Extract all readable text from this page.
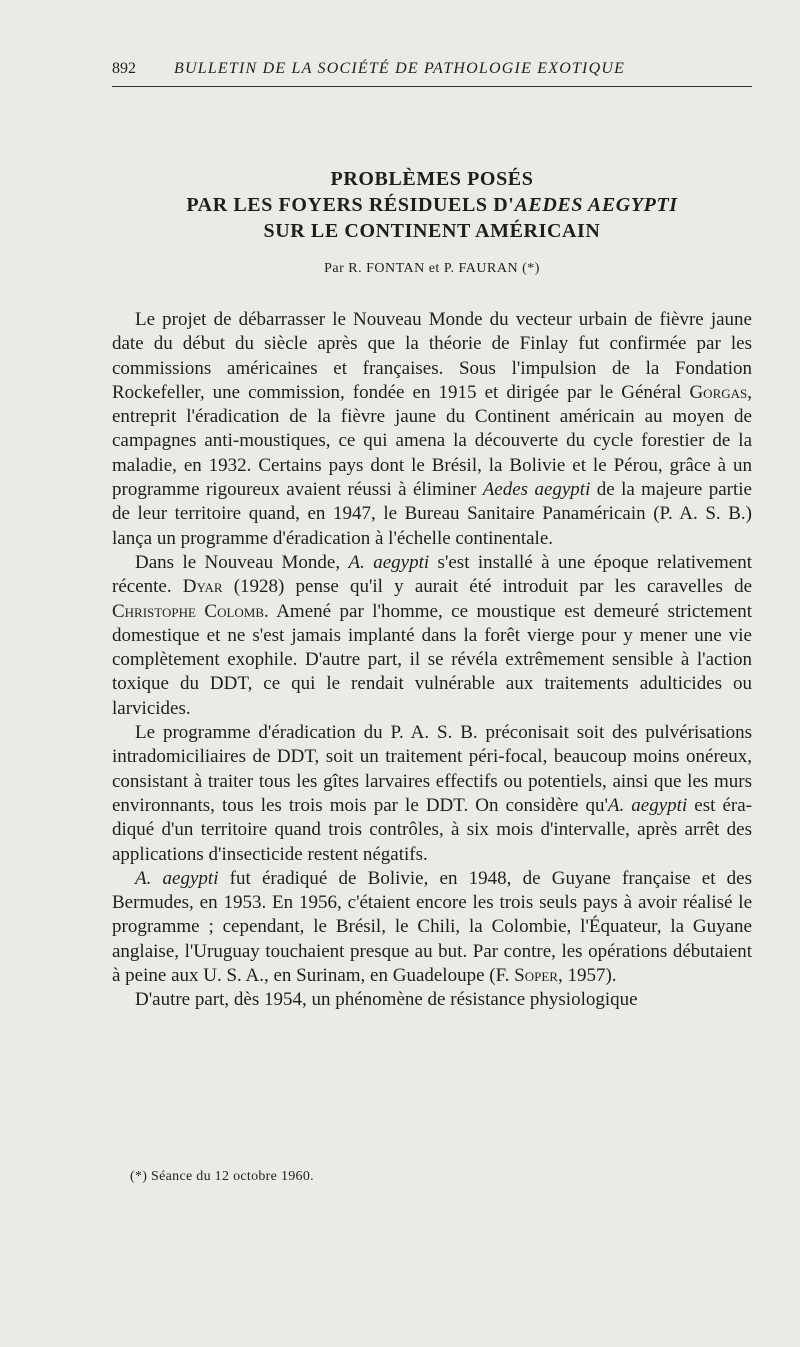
892 BULLETIN DE LA SOCIÉTÉ DE PATHOLOGIE EXOTIQUE
PROBLÈMES POSÉS
PAR LES FOYERS RÉSIDUELS D'AEDES AEGYPTI
SUR LE CONTINENT AMÉRICAIN
Par R. FONTAN et P. FAURAN (*)

Le projet de débarrasser le Nouveau Monde du vecteur urbain de fièvre jaune date du début du siècle après que la théorie de Finlay fut confirmée par les commissions américaines et françaises. Sous l'impulsion de la Fondation Rockefeller, une commission, fondée en 1915 et dirigée par le Général Gorgas, entreprit l'éradication de la fièvre jaune du Continent américain au moyen de campagnes anti-moustiques, ce qui amena la découverte du cycle forestier de la maladie, en 1932. Certains pays dont le Brésil, la Bolivie et le Pérou, grâce à un programme rigoureux avaient réussi à éliminer Aedes aegypti de la majeure partie de leur territoire quand, en 1947, le Bureau Sanitaire Panaméricain (P. A. S. B.) lança un programme d'éradication à l'échelle continentale.

Dans le Nouveau Monde, A. aegypti s'est installé à une époque relativement récente. Dyar (1928) pense qu'il y aurait été introduit par les caravelles de Christophe Colomb. Amené par l'homme, ce moustique est demeuré strictement domestique et ne s'est jamais implanté dans la forêt vierge pour y mener une vie complètement exophile. D'autre part, il se révéla extrêmement sensible à l'action toxique du DDT, ce qui le rendait vulnérable aux traitements adulticides ou larvicides.

Le programme d'éradication du P. A. S. B. préconisait soit des pulvérisations intradomiciliaires de DDT, soit un traitement péri-focal, beaucoup moins onéreux, consistant à traiter tous les gîtes larvaires effectifs ou potentiels, ainsi que les murs environnants, tous les trois mois par le DDT. On considère qu'A. aegypti est éra-diqué d'un territoire quand trois contrôles, à six mois d'intervalle, après arrêt des applications d'insecticide restent négatifs.

A. aegypti fut éradiqué de Bolivie, en 1948, de Guyane française et des Bermudes, en 1953. En 1956, c'étaient encore les trois seuls pays à avoir réalisé le programme ; cependant, le Brésil, le Chili, la Colombie, l'Équateur, la Guyane anglaise, l'Uruguay touchaient presque au but. Par contre, les opérations débutaient à peine aux U. S. A., en Surinam, en Guadeloupe (F. Soper, 1957).

D'autre part, dès 1954, un phénomène de résistance physiologique

(*) Séance du 12 octobre 1960.
